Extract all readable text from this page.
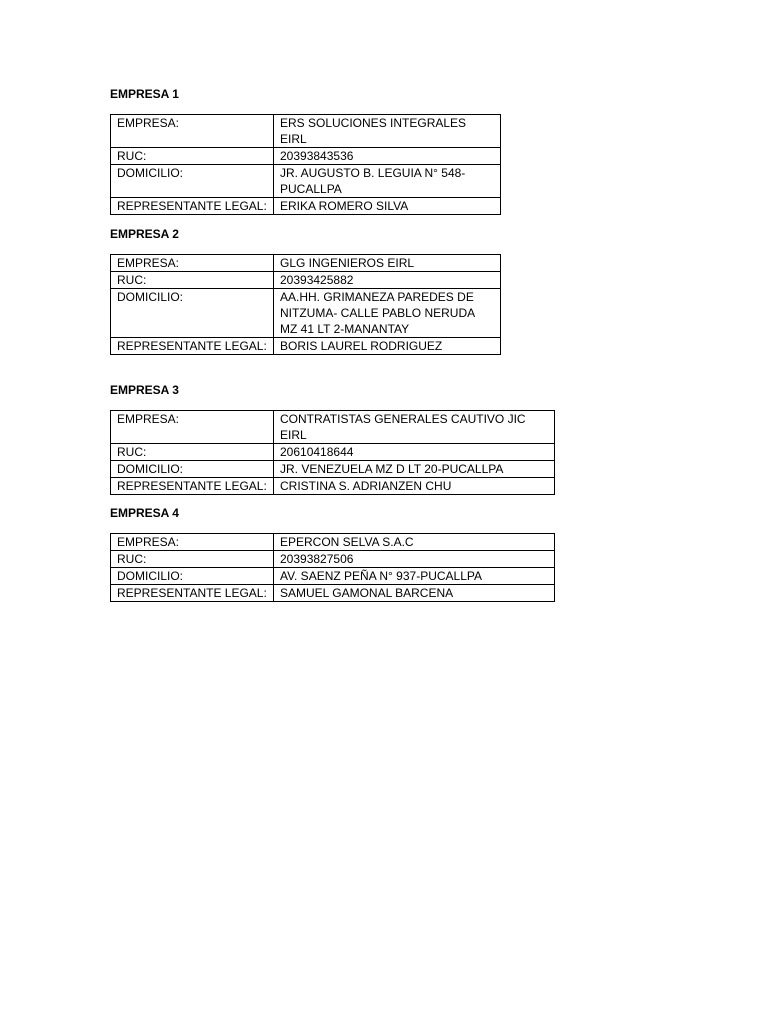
EMPRESA 1
EMPRESA:	ERS SOLUCIONES INTEGRALES EIRL
RUC:	20393843536
DOMICILIO:	JR. AUGUSTO B. LEGUIA N° 548-
PUCALLPA

REPRESENTANTE LEGAL:	ERIKA ROMERO SILVA
EMPRESA 2
EMPRESA:	GLG INGENIEROS EIRL
RUC:	20393425882
DOMICILIO:	AA.HH. GRIMANEZA PAREDES DE
NITZUMA- CALLE PABLO NERUDA
MZ 41 LT 2-MANANTAY

REPRESENTANTE LEGAL:	BORIS LAUREL RODRIGUEZ
EMPRESA 3
EMPRESA:	CONTRATISTAS GENERALES CAUTIVO JIC EIRL
RUC:	20610418644
DOMICILIO:	JR. VENEZUELA MZ D LT 20-PUCALLPA

REPRESENTANTE LEGAL:	CRISTINA S. ADRIANZEN CHU
EMPRESA 4
EMPRESA:	EPERCON SELVA S.A.C
RUC:	20393827506
DOMICILIO:	AV. SAENZ PEÑA N° 937-PUCALLPA

REPRESENTANTE LEGAL:	SAMUEL GAMONAL BARCENA
